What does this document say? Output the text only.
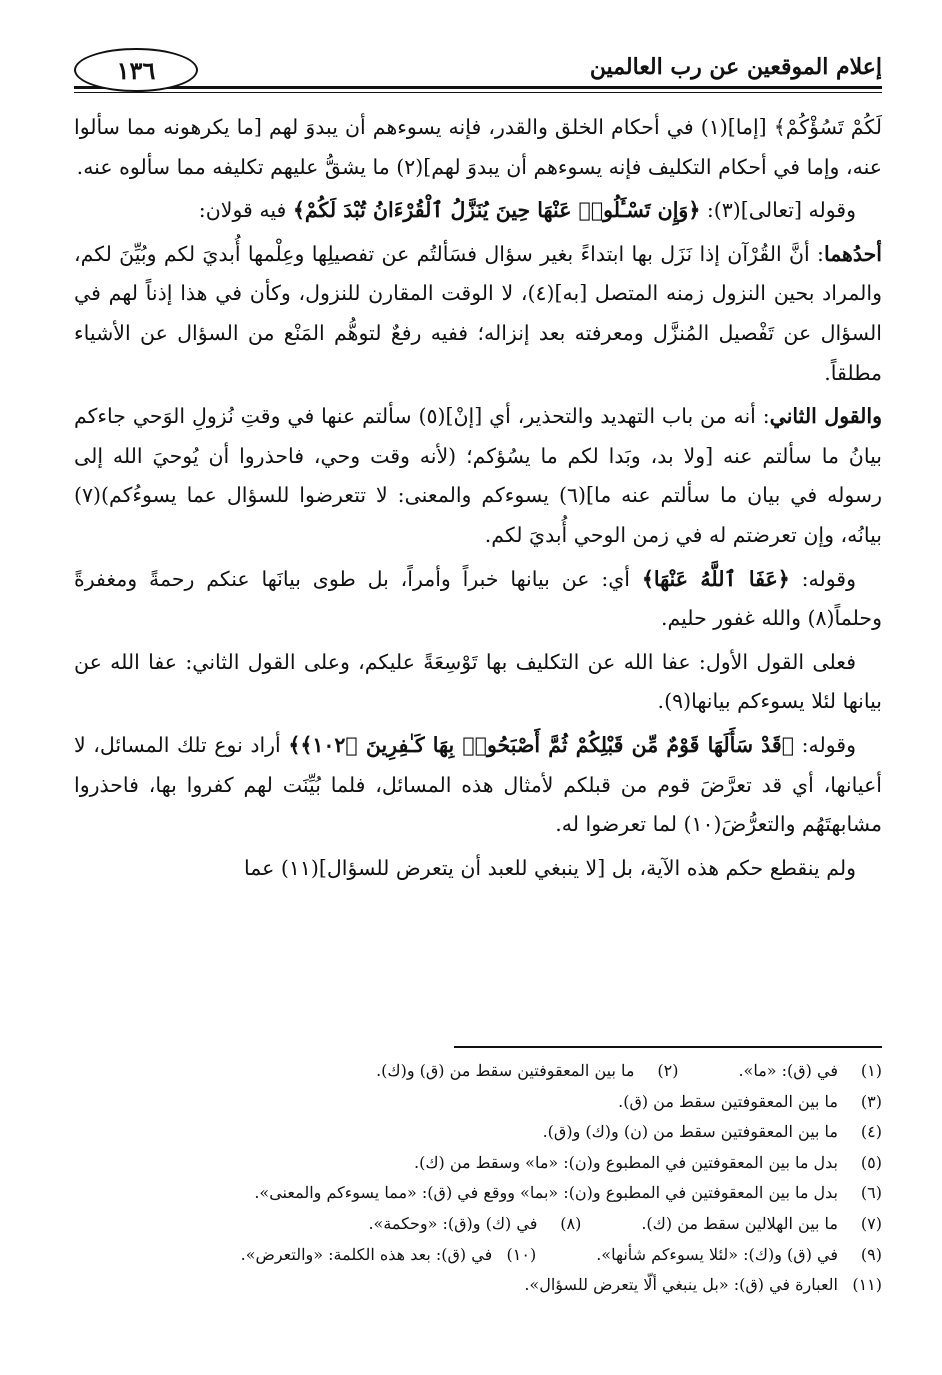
إعلام الموقعين عن رب العالمين
١٣٦

لَكُمْ تَسُؤْكُمْ﴾ [إما](١) في أحكام الخلق والقدر، فإنه يسوءهم أن يبدوَ لهم [ما يكرهونه مما سألوا عنه، وإما في أحكام التكليف فإنه يسوءهم أن يبدوَ لهم](٢) ما يشقُّ عليهم تكليفه مما سألوه عنه.

وقوله [تعالى](٣): ﴿وَإِن تَسْـَٔلُوا۟ عَنْهَا حِينَ يُنَزَّلُ ٱلْقُرْءَانُ تُبْدَ لَكُمْ﴾ فيه قولان:

أحدُهما: أنَّ القُرْآن إذا نَزَل بها ابتداءً بغير سؤال فسَألتُم عن تفصيلِها وعِلْمها أُبديَ لكم وبُيِّنَ لكم، والمراد بحين النزول زمنه المتصل [به](٤)، لا الوقت المقارن للنزول، وكأن في هذا إذناً لهم في السؤال عن تَفْصيل المُنزَّل ومعرفته بعد إنزاله؛ ففيه رفعٌ لتوهُّم المَنْع من السؤال عن الأشياء مطلقاً.

والقول الثاني: أنه من باب التهديد والتحذير، أي [إنْ](٥) سألتم عنها في وقتِ نُزولِ الوَحي جاءكم بيانُ ما سألتم عنه [ولا بد، وبَدا لكم ما يسُؤكم؛ (لأنه وقت وحي، فاحذروا أن يُوحيَ الله إلى رسوله في بيان ما سألتم عنه ما](٦) يسوءكم والمعنى: لا تتعرضوا للسؤال عما يسوءُكم)(٧) بيانُه، وإن تعرضتم له في زمن الوحي أُبديَ لكم.

وقوله: ﴿عَفَا ٱللَّهُ عَنْهَا﴾ أي: عن بيانها خبراً وأمراً، بل طوى بيانَها عنكم رحمةً ومغفرةً وحلماً(٨) والله غفور حليم.

فعلى القول الأول: عفا الله عن التكليف بها تَوْسِعَةً عليكم، وعلى القول الثاني: عفا الله عن بيانها لئلا يسوءكم بيانها(٩).

وقوله: ﴿قَدْ سَأَلَهَا قَوْمٌ مِّن قَبْلِكُمْ ثُمَّ أَصْبَحُوا۟ بِهَا كَـٰفِرِينَ ﴿١٠٢﴾﴾ أراد نوع تلك المسائل، لا أعيانها، أي قد تعرَّضَ قوم من قبلكم لأمثال هذه المسائل، فلما بُيِّنَت لهم كفروا بها، فاحذروا مشابهتَهُم والتعرُّضَ(١٠) لما تعرضوا له.

ولم ينقطع حكم هذه الآية، بل [لا ينبغي للعبد أن يتعرض للسؤال](١١) عما

(١)في (ق): «ما».(٢)ما بين المعقوفتين سقط من (ق) و(ك).
(٣)ما بين المعقوفتين سقط من (ق).
(٤)ما بين المعقوفتين سقط من (ن) و(ك) و(ق).
(٥)بدل ما بين المعقوفتين في المطبوع و(ن): «ما» وسقط من (ك).
(٦)بدل ما بين المعقوفتين في المطبوع و(ن): «بما» ووقع في (ق): «مما يسوءكم والمعنى».
(٧)ما بين الهلالين سقط من (ك).(٨)في (ك) و(ق): «وحكمة».
(٩)في (ق) و(ك): «لئلا يسوءكم شأنها».(١٠)في (ق): بعد هذه الكلمة: «والتعرض».
(١١)العبارة في (ق): «بل ينبغي ألّا يتعرض للسؤال».
